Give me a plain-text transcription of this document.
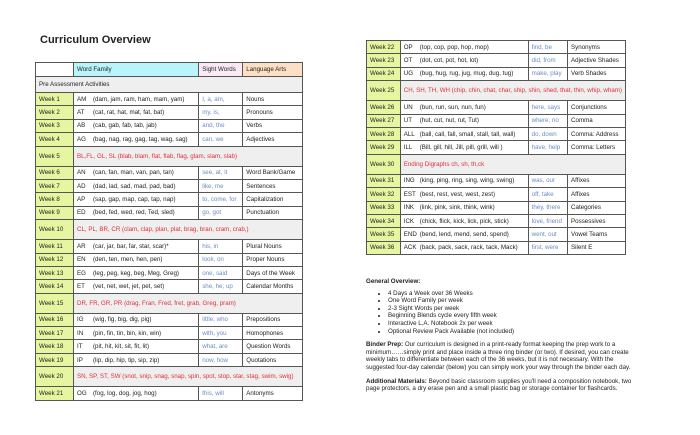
Curriculum Overview
	Word Family	Sight Words	Language Arts
Pre Assessment Activities			
Week 1	AM (dam, jam, ram, ham, mam, yam)	I, a, am,	Nouns
Week 2	AT (cat, rat, hat, mat, fat, bat)	my, is,	Pronouns
Week 3	AB (cab, gab, fab, tab, jab)	and, the	Verbs
Week 4	AG (bag, nag, rag, gag, tag, wag, sag)	can, we	Adjectives
Week 5	BL,FL, GL, SL (blab, blam, flat, flab, flag, glam, slam, slab)		
Week 6	AN (can, fan, man, van, pan, tan)	see, at, it	Word Bank/Game
Week 7	AD (dad, lad, sad, mad, pad, bad)	like, me	Sentences
Week 8	AP (sap, gap, map, cap, tap, nap)	to, come, for	Capitalization
Week 9	ED (bed, fed, wed, red, Ted, sled)	go, got	Punctuation
Week 10	CL, PL, BR, CR (clam, clap, plan, plat, brag, bran, cram, crab,)		
Week 11	AR (car, jar, bar, far, star, scar)*	his, in	Plural Nouns
Week 12	EN (den, ten, men, hen, pen)	look, on	Proper Nouns
Week 13	EG (leg, peg, keg, beg, Meg, Greg)	one, said	Days of the Week
Week 14	ET (vet, net, wet, jet, pet, set)	she, he, up	Calendar Months
Week 15	DR, FR, GR, PR (drag, Fran, Fred, fret, grab, Greg, pram)		
Week 16	IG (wig, fig, big, dig, pig)	little, who	Prepositions
Week 17	IN (pin, fin, tin, bin, kin, win)	with, you	Homophones
Week 18	IT (pit, hit, kit, sit, fit, lit)	what, are	Question Words
Week 19	IP (lip, dip, hip, tip, sip, zip)	now, how	Quotations
Week 20	SN, SP, ST, SW (snot, snip, snag, snap, spin, spot, stop, star, stag, swim, swig)		
Week 21	OG (fog, log, dog, jog, hog)	this, will	Antonyms
Week 22	OP (top, cop, pop, hop, mop)	find, be	Synonyms
Week 23	OT (dot, cot, pot, hot, lot)	did, from	Adjective Shades
Week 24	UG (bug, hug, rug, jug, mug, dug, tug)	make, play	Verb Shades
Week 25	CH, SH, TH, WH (chip, chin, chat, char, ship, shin, shed, that, thin, whip, wham)		
Week 26	UN (bun, run, sun, nun, fun)	here, says	Conjunctions
Week 27	UT (hut, cut, nut, rut, Tut)	where, no	Comma
Week 28	ALL (ball, call, fall, small, stall, tall, wall)	do, down	Comma: Address
Week 29	ILL (Bill, gill, hill, Jill, pill, grill, will )	have, help	Comma: Letters
Week 30	Ending Digraphs ch, sh, th,ck		
Week 31	ING (king, ping, ring, sing, wing, swing)	was, our	Affixes
Week 32	EST (best, rest, vest, west, zest)	off, take	Affixes
Week 33	INK (link, pink, sink, think, wink)	they, there	Categories
Week 34	ICK (chick, flick, kick, lick, pick, stick)	love, friend	Possessives
Week 35	END (bend, lend, mend, send, spend)	went, out	Vowel Teams
Week 36	ACK (back, pack, sack, rack, tack, Mack)	first, were	Silent E
General Overview:
• 4 Days a Week over 36 Weeks
• One Word Family per week
• 2-3 Sight Words per week
• Beginning Blends cycle every fifth week
• Interactive L.A. Notebook 2x per week
• Optional Review Pack Available (not included)

Binder Prep: Our curriculum is designed in a print-ready format keeping the prep work to a minimum……simply print and place inside a three ring binder (or two). If desired, you can create weekly tabs to differentiate between each of the 36 weeks, but it is not necessary. With the suggested four-day calendar (below) you can simply work your way through the binder each day.

Additional Materials: Beyond basic classroom supplies you'll need a composition notebook, two page protectors, a dry erase pen and a small plastic bag or storage container for flashcards.
